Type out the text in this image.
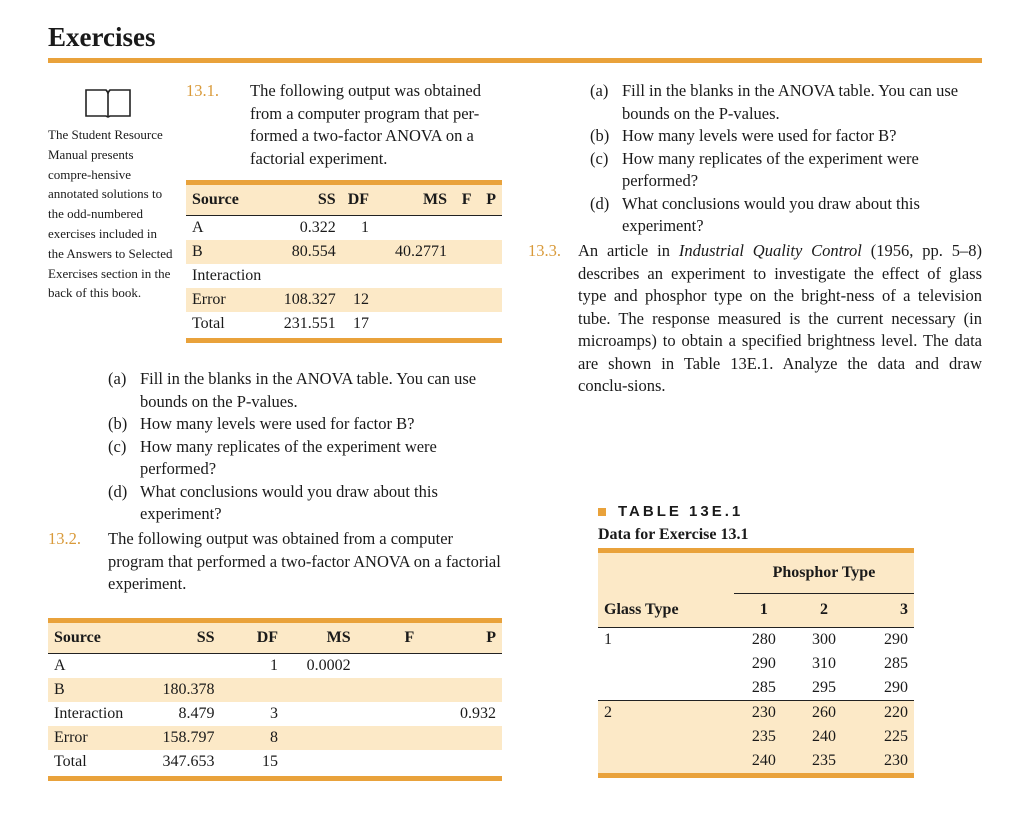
Exercises
The Student Resource Manual presents compre-hensive annotated solutions to the odd-numbered exercises included in the Answers to Selected Exercises section in the back of this book.
13.1. The following output was obtained from a computer program that per-formed a two-factor ANOVA on a factorial experiment.
Source	SS	DF	MS	F	P
A	0.322	1			
B	80.554		40.2771		
Interaction					
Error	108.327	12			
Total	231.551	17			
(a) Fill in the blanks in the ANOVA table. You can use bounds on the P-values.
(b) How many levels were used for factor B?
(c) How many replicates of the experiment were performed?
(d) What conclusions would you draw about this experiment?
13.2. The following output was obtained from a computer program that performed a two-factor ANOVA on a factorial experiment.
Source	SS	DF	MS	F	P
A		1	0.0002		
B	180.378				
Interaction	8.479	3			0.932
Error	158.797	8			
Total	347.653	15			
(a) Fill in the blanks in the ANOVA table. You can use bounds on the P-values.
(b) How many levels were used for factor B?
(c) How many replicates of the experiment were performed?
(d) What conclusions would you draw about this experiment?
13.3. An article in Industrial Quality Control (1956, pp. 5–8) describes an experiment to investigate the effect of glass type and phosphor type on the bright-ness of a television tube. The response measured is the current necessary (in microamps) to obtain a specified brightness level. The data are shown in Table 13E.1. Analyze the data and draw conclu-sions.
TABLE 13E.1
Data for Exercise 13.1
	Phosphor Type		
Glass Type	1	2	3
1	280	300	290
	290	310	285
	285	295	290
2	230	260	220
	235	240	225
	240	235	230
